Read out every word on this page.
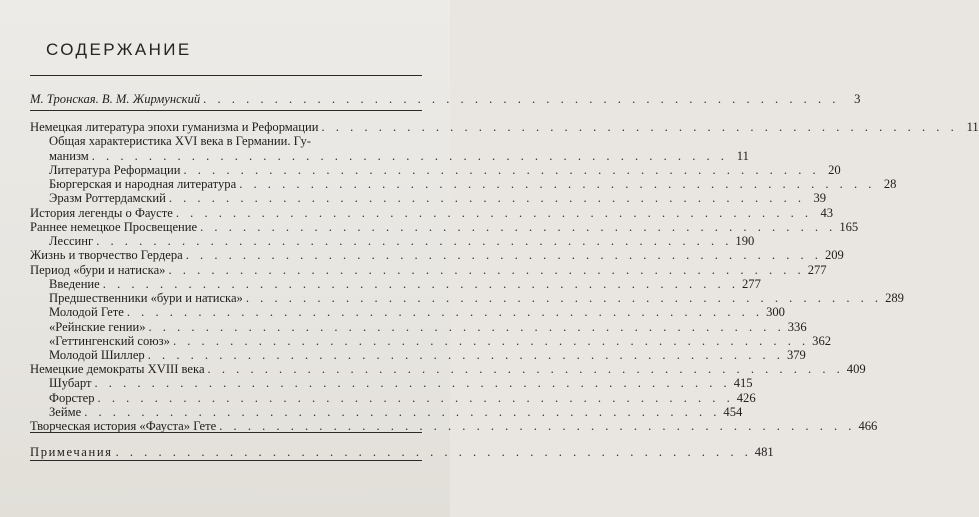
СОДЕРЖАНИЕ
М. Тронская. В. М. Жирмунский . . . . . . . . . . . . . . . . . . . . . . . . . . . . . . . . . . . . . . . . . . . . .	3
Немецкая литература эпохи гуманизма и Реформации . . . . . . . . . . . . . . . . . . . . . . . . . . . . . . . . . . . . . . . . . . . . . 11
Общая характеристика XVI века в Германии. Гу-
манизм . . . . . . . . . . . . . . . . . . . . . . . . . . . . . . . . . . . . . . . . . . . . . 11
Литература Реформации . . . . . . . . . . . . . . . . . . . . . . . . . . . . . . . . . . . . . . . . . . . . . 20
Бюргерская и народная литература . . . . . . . . . . . . . . . . . . . . . . . . . . . . . . . . . . . . . . . . . . . . . 28
Эразм Роттердамский . . . . . . . . . . . . . . . . . . . . . . . . . . . . . . . . . . . . . . . . . . . . . 39
История легенды о Фаусте . . . . . . . . . . . . . . . . . . . . . . . . . . . . . . . . . . . . . . . . . . . . . 43
Раннее немецкое Просвещение . . . . . . . . . . . . . . . . . . . . . . . . . . . . . . . . . . . . . . . . . . . . . 165
Лессинг . . . . . . . . . . . . . . . . . . . . . . . . . . . . . . . . . . . . . . . . . . . . . 190
Жизнь и творчество Гердера . . . . . . . . . . . . . . . . . . . . . . . . . . . . . . . . . . . . . . . . . . . . . 209
Период «бури и натиска» . . . . . . . . . . . . . . . . . . . . . . . . . . . . . . . . . . . . . . . . . . . . . 277
Введение . . . . . . . . . . . . . . . . . . . . . . . . . . . . . . . . . . . . . . . . . . . . . 277
Предшественники «бури и натиска» . . . . . . . . . . . . . . . . . . . . . . . . . . . . . . . . . . . . . . . . . . . . . 289
Молодой Гете . . . . . . . . . . . . . . . . . . . . . . . . . . . . . . . . . . . . . . . . . . . . . 300
«Рейнские гении» . . . . . . . . . . . . . . . . . . . . . . . . . . . . . . . . . . . . . . . . . . . . . 336
«Геттингенский союз» . . . . . . . . . . . . . . . . . . . . . . . . . . . . . . . . . . . . . . . . . . . . . 362
Молодой Шиллер . . . . . . . . . . . . . . . . . . . . . . . . . . . . . . . . . . . . . . . . . . . . . 379
Немецкие демократы XVIII века . . . . . . . . . . . . . . . . . . . . . . . . . . . . . . . . . . . . . . . . . . . . . 409
Шубарт . . . . . . . . . . . . . . . . . . . . . . . . . . . . . . . . . . . . . . . . . . . . . 415
Форстер . . . . . . . . . . . . . . . . . . . . . . . . . . . . . . . . . . . . . . . . . . . . . 426
Зейме . . . . . . . . . . . . . . . . . . . . . . . . . . . . . . . . . . . . . . . . . . . . . 454
Творческая история «Фауста» Гете . . . . . . . . . . . . . . . . . . . . . . . . . . . . . . . . . . . . . . . . . . . . . 466
Примечания . . . . . . . . . . . . . . . . . . . . . . . . . . . . . . . . . . . . . . . . . . . . . 481
